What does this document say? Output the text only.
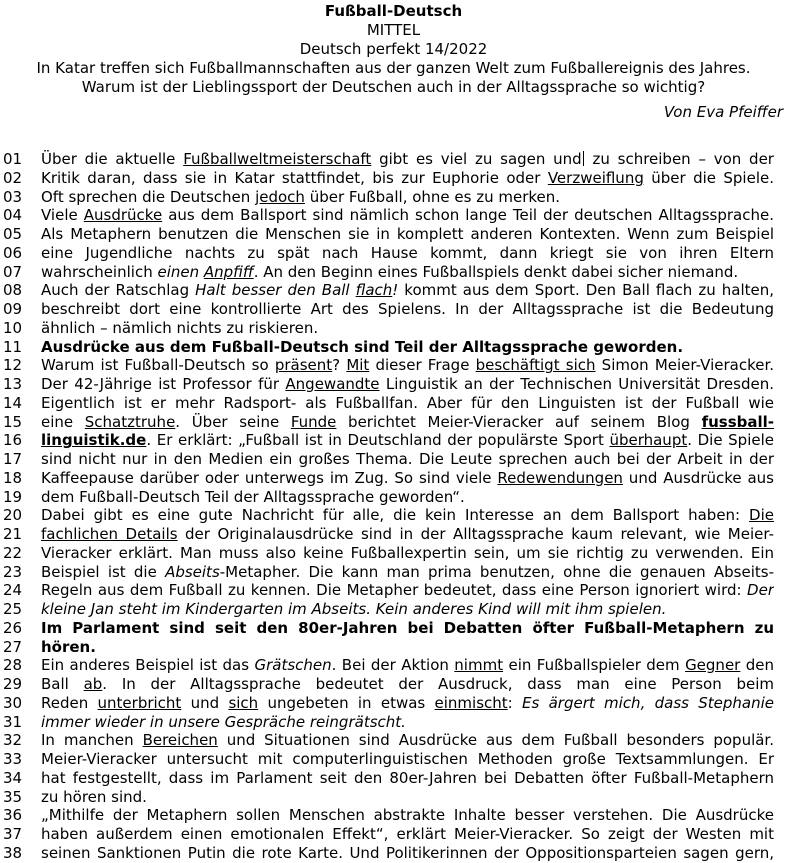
Fußball-Deutsch
MITTEL
Deutsch perfekt 14/2022
In Katar treffen sich Fußballmannschaften aus der ganzen Welt zum Fußballereignis des Jahres.
Warum ist der Lieblingssport der Deutschen auch in der Alltagssprache so wichtig?
Von Eva Pfeiffer
01	Über die aktuelle Fußballweltmeisterschaft gibt es viel zu sagen und zu schreiben – von der
02	Kritik daran, dass sie in Katar stattfindet, bis zur Euphorie oder Verzweiflung über die Spiele.
03	Oft sprechen die Deutschen jedoch über Fußball, ohne es zu merken.
04	Viele Ausdrücke aus dem Ballsport sind nämlich schon lange Teil der deutschen Alltagssprache.
05	Als Metaphern benutzen die Menschen sie in komplett anderen Kontexten. Wenn zum Beispiel
06	eine Jugendliche nachts zu spät nach Hause kommt, dann kriegt sie von ihren Eltern
07	wahrscheinlich einen Anpfiff. An den Beginn eines Fußballspiels denkt dabei sicher niemand.
08	Auch der Ratschlag Halt besser den Ball flach! kommt aus dem Sport. Den Ball flach zu halten,
09	beschreibt dort eine kontrollierte Art des Spielens. In der Alltagssprache ist die Bedeutung
10	ähnlich – nämlich nichts zu riskieren.
11	Ausdrücke aus dem Fußball-Deutsch sind Teil der Alltagssprache geworden.
12	Warum ist Fußball-Deutsch so präsent? Mit dieser Frage beschäftigt sich Simon Meier-Vieracker.
13	Der 42-Jährige ist Professor für Angewandte Linguistik an der Technischen Universität Dresden.
14	Eigentlich ist er mehr Radsport- als Fußballfan. Aber für den Linguisten ist der Fußball wie
15	eine Schatztruhe. Über seine Funde berichtet Meier-Vieracker auf seinem Blog fussball-
16	linguistik.de. Er erklärt: „Fußball ist in Deutschland der populärste Sport überhaupt. Die Spiele
17	sind nicht nur in den Medien ein großes Thema. Die Leute sprechen auch bei der Arbeit in der
18	Kaffeepause darüber oder unterwegs im Zug. So sind viele Redewendungen und Ausdrücke aus
19	dem Fußball-Deutsch Teil der Alltagssprache geworden“.
20	Dabei gibt es eine gute Nachricht für alle, die kein Interesse an dem Ballsport haben: Die
21	fachlichen Details der Originalausdrücke sind in der Alltagssprache kaum relevant, wie Meier-
22	Vieracker erklärt. Man muss also keine Fußballexpertin sein, um sie richtig zu verwenden. Ein
23	Beispiel ist die Abseits-Metapher. Die kann man prima benutzen, ohne die genauen Abseits-
24	Regeln aus dem Fußball zu kennen. Die Metapher bedeutet, dass eine Person ignoriert wird: Der
25	kleine Jan steht im Kindergarten im Abseits. Kein anderes Kind will mit ihm spielen.
26	Im Parlament sind seit den 80er-Jahren bei Debatten öfter Fußball-Metaphern zu
27	hören.
28	Ein anderes Beispiel ist das Grätschen. Bei der Aktion nimmt ein Fußballspieler dem Gegner den
29	Ball ab. In der Alltagssprache bedeutet der Ausdruck, dass man eine Person beim
30	Reden unterbricht und sich ungebeten in etwas einmischt: Es ärgert mich, dass Stephanie
31	immer wieder in unsere Gespräche reingrätscht.
32	In manchen Bereichen und Situationen sind Ausdrücke aus dem Fußball besonders populär.
33	Meier-Vieracker untersucht mit computerlinguistischen Methoden große Textsammlungen. Er
34	hat festgestellt, dass im Parlament seit den 80er-Jahren bei Debatten öfter Fußball-Metaphern
35	zu hören sind.
36	„Mithilfe der Metaphern sollen Menschen abstrakte Inhalte besser verstehen. Die Ausdrücke
37	haben außerdem einen emotionalen Effekt“, erklärt Meier-Vieracker. So zeigt der Westen mit
38	seinen Sanktionen Putin die rote Karte. Und Politikerinnen der Oppositionsparteien sagen gern,
